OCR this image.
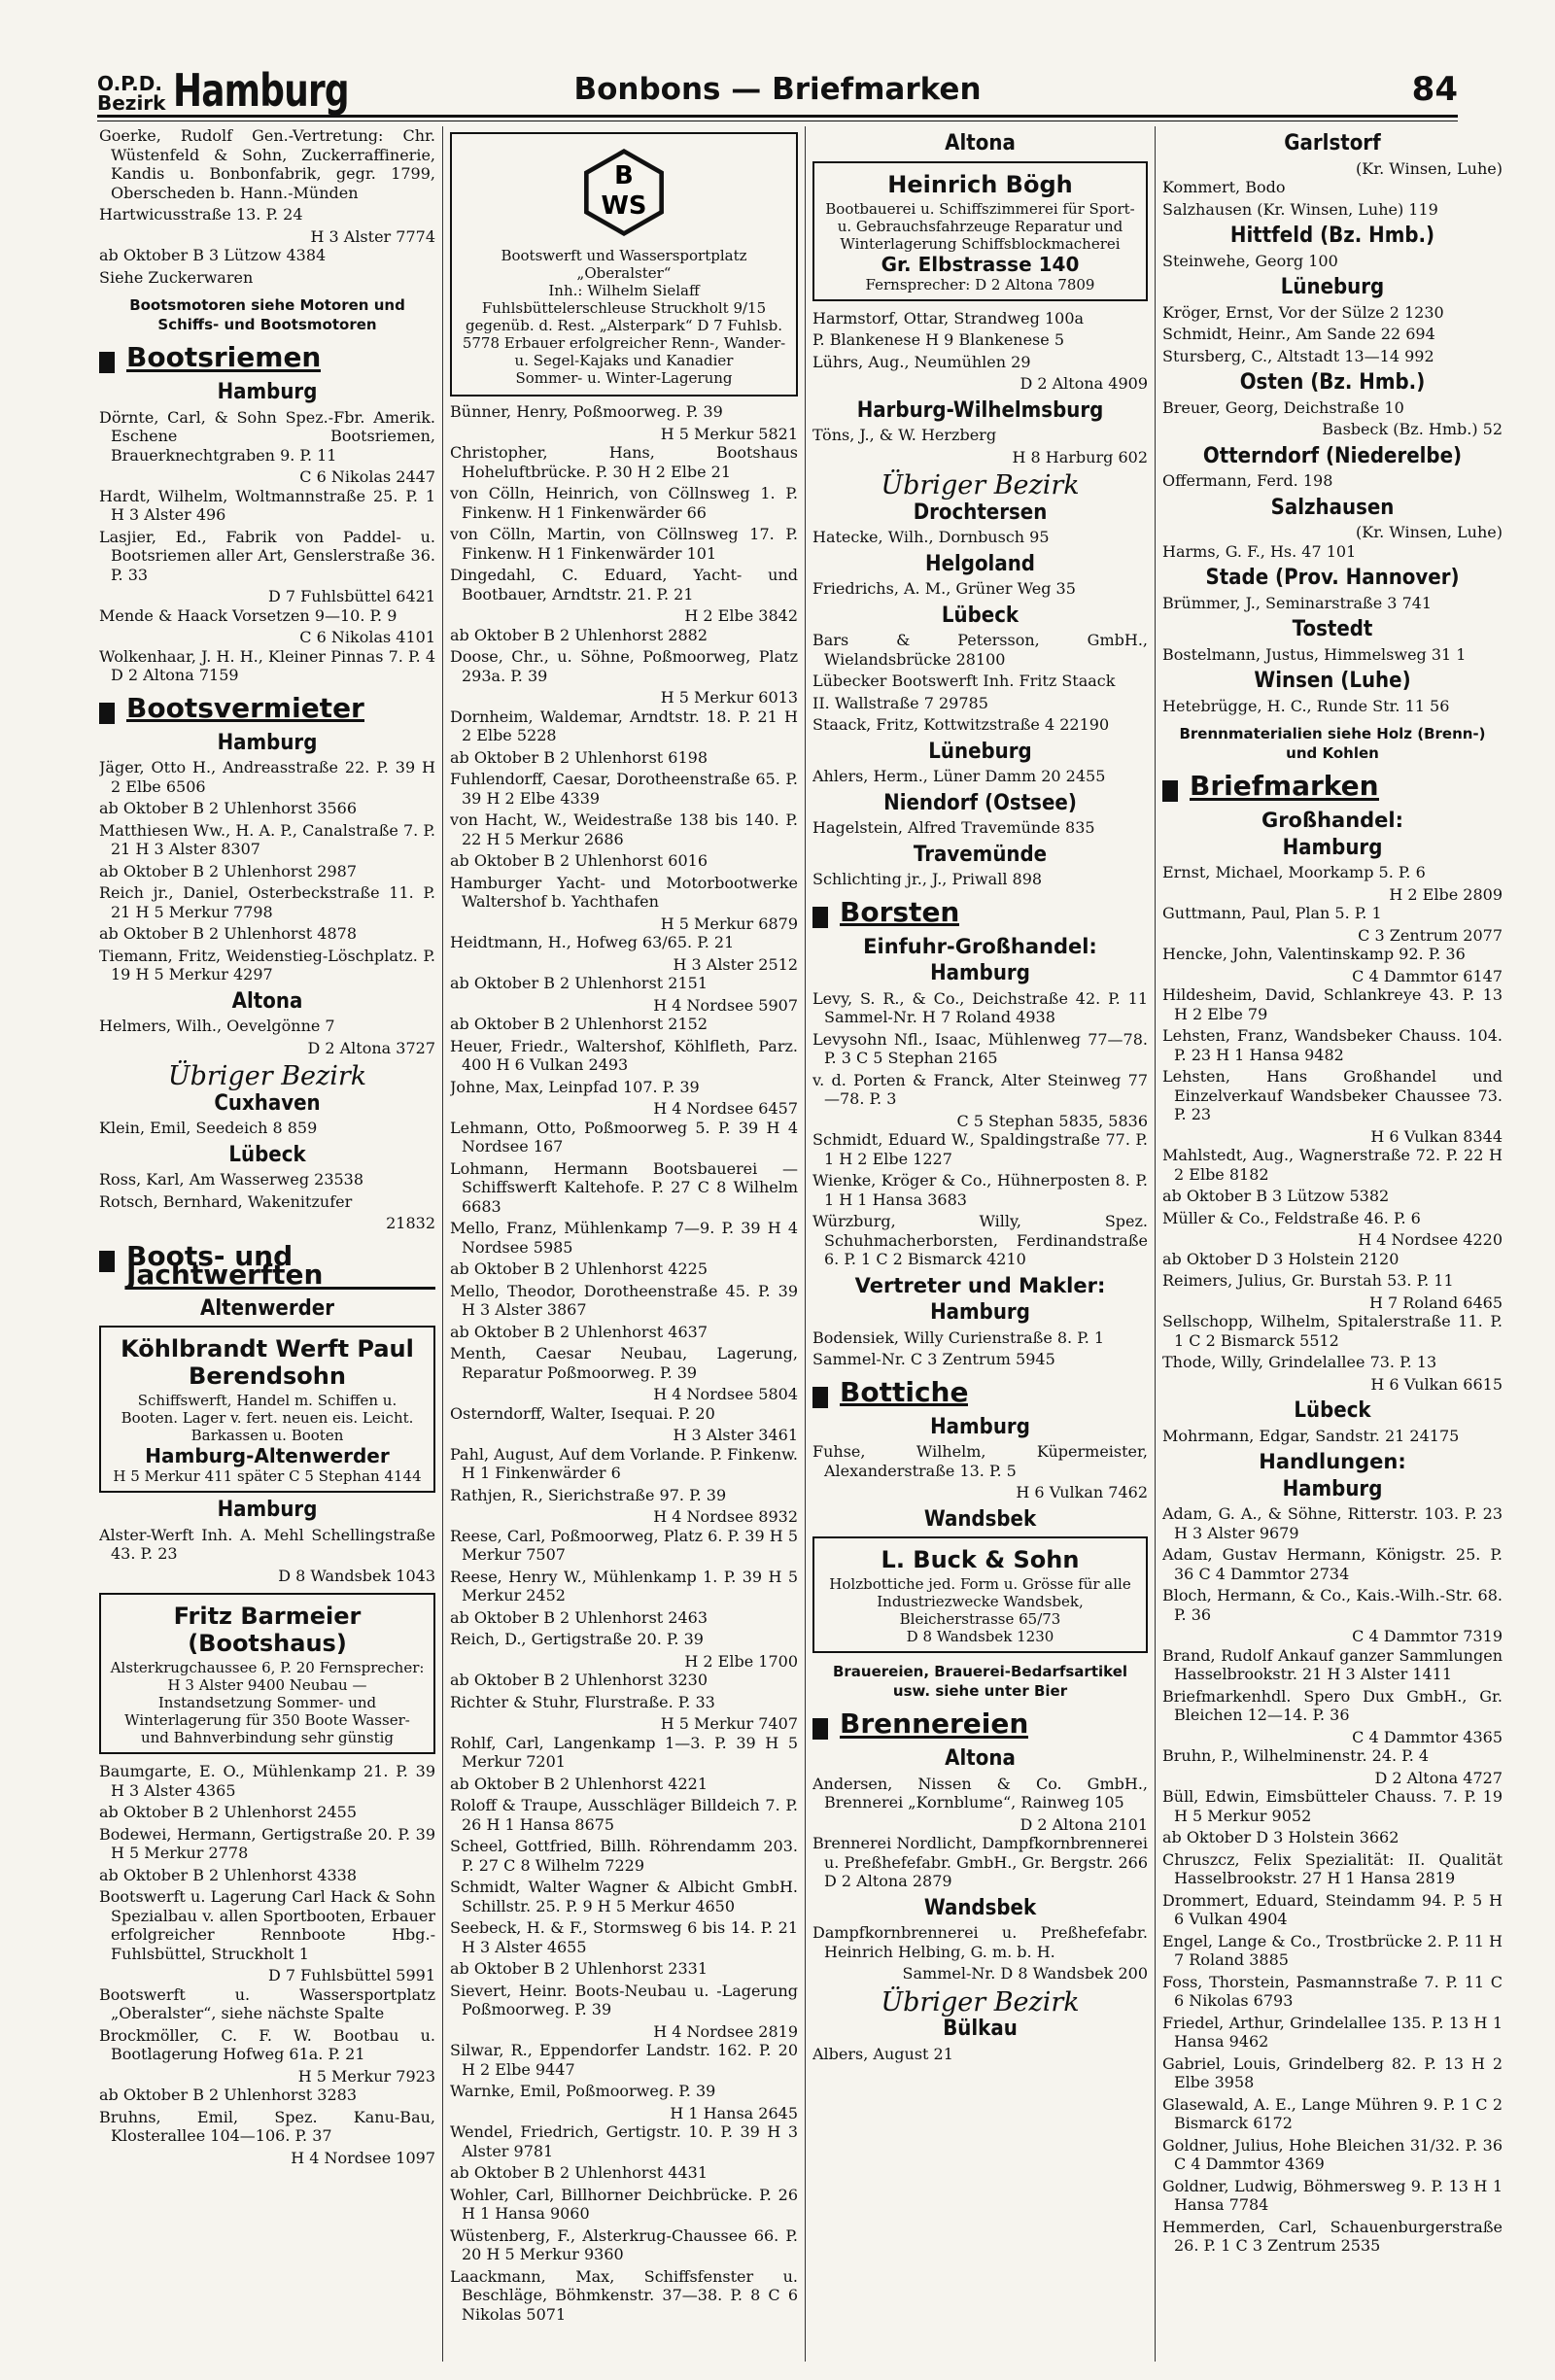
O.P.D.
Bezirk Hamburg	Bonbons — Briefmarken	84

Goerke, Rudolf Gen.-Vertretung: Chr. Wüstenfeld & Sohn, Zuckerraffinerie, Kandis u. Bonbonfabrik, gegr. 1799, Oberscheden b. Hann.-Münden

Hartwicusstraße 13. P. 24

H 3 Alster 7774

ab Oktober B 3 Lützow 4384

Siehe Zuckerwaren

Bootsmotoren siehe Motoren und Schiffs- und Bootsmotoren
Bootsriemen
Hamburg

Dörnte, Carl, & Sohn Spez.-Fbr. Amerik. Eschene Bootsriemen, Brauerknechtgraben 9. P. 11

C 6 Nikolas 2447

Hardt, Wilhelm, Woltmannstraße 25. P. 1 H 3 Alster 496

Lasjier, Ed., Fabrik von Paddel- u. Bootsriemen aller Art, Genslerstraße 36. P. 33

D 7 Fuhlsbüttel 6421

Mende & Haack Vorsetzen 9—10. P. 9

C 6 Nikolas 4101

Wolkenhaar, J. H. H., Kleiner Pinnas 7. P. 4 D 2 Altona 7159

Bootsvermieter
Hamburg

Jäger, Otto H., Andreasstraße 22. P. 39 H 2 Elbe 6506

ab Oktober B 2 Uhlenhorst 3566

Matthiesen Ww., H. A. P., Canalstraße 7. P. 21 H 3 Alster 8307

ab Oktober B 2 Uhlenhorst 2987

Reich jr., Daniel, Osterbeckstraße 11. P. 21 H 5 Merkur 7798

ab Oktober B 2 Uhlenhorst 4878

Tiemann, Fritz, Weidenstieg-Löschplatz. P. 19 H 5 Merkur 4297

Altona

Helmers, Wilh., Oevelgönne 7

D 2 Altona 3727

Übriger Bezirk
Cuxhaven

Klein, Emil, Seedeich 8 859

Lübeck

Ross, Karl, Am Wasserweg 23538

Rotsch, Bernhard, Wakenitzufer

21832

Boots- und Jachtwerften
Altenwerder
Köhlbrandt Werft Paul Berendsohn
Schiffswerft, Handel m. Schiffen u. Booten. Lager v. fert. neuen eis. Leicht. Barkassen u. Booten
Hamburg-Altenwerder
H 5 Merkur 411 später C 5 Stephan 4144
Hamburg

Alster-Werft Inh. A. Mehl Schellingstraße 43. P. 23

D 8 Wandsbek 1043

Fritz Barmeier (Bootshaus)
Alsterkrugchaussee 6, P. 20 Fernsprecher: H 3 Alster 9400 Neubau — Instandsetzung Sommer- und Winterlagerung für 350 Boote Wasser- und Bahnverbindung sehr günstig

Baumgarte, E. O., Mühlenkamp 21. P. 39 H 3 Alster 4365

ab Oktober B 2 Uhlenhorst 2455

Bodewei, Hermann, Gertigstraße 20. P. 39 H 5 Merkur 2778

ab Oktober B 2 Uhlenhorst 4338

Bootswerft u. Lagerung Carl Hack & Sohn Spezialbau v. allen Sportbooten, Erbauer erfolgreicher Rennboote Hbg.-Fuhlsbüttel, Struckholt 1

D 7 Fuhlsbüttel 5991

Bootswerft u. Wassersportplatz „Oberalster“, siehe nächste Spalte

Brockmöller, C. F. W. Bootbau u. Bootlagerung Hofweg 61a. P. 21

H 5 Merkur 7923

ab Oktober B 2 Uhlenhorst 3283

Bruhns, Emil, Spez. Kanu-Bau, Klosterallee 104—106. P. 37

H 4 Nordsee 1097

B
WS
Bootswerft und Wassersportplatz „Oberalster“
Inh.: Wilhelm Sielaff
Fuhlsbüttelerschleuse Struckholt 9/15 gegenüb. d. Rest. „Alsterpark“ D 7 Fuhlsb. 5778 Erbauer erfolgreicher Renn-, Wander- u. Segel-Kajaks und Kanadier
Sommer- u. Winter-Lagerung

Bünner, Henry, Poßmoorweg. P. 39

H 5 Merkur 5821

Christopher, Hans, Bootshaus Hoheluftbrücke. P. 30 H 2 Elbe 21

von Cölln, Heinrich, von Cöllnsweg 1. P. Finkenw. H 1 Finkenwärder 66

von Cölln, Martin, von Cöllnsweg 17. P. Finkenw. H 1 Finkenwärder 101

Dingedahl, C. Eduard, Yacht- und Bootbauer, Arndtstr. 21. P. 21

H 2 Elbe 3842

ab Oktober B 2 Uhlenhorst 2882

Doose, Chr., u. Söhne, Poßmoorweg, Platz 293a. P. 39

H 5 Merkur 6013

Dornheim, Waldemar, Arndtstr. 18. P. 21 H 2 Elbe 5228

ab Oktober B 2 Uhlenhorst 6198

Fuhlendorff, Caesar, Dorotheenstraße 65. P. 39 H 2 Elbe 4339

von Hacht, W., Weidestraße 138 bis 140. P. 22 H 5 Merkur 2686

ab Oktober B 2 Uhlenhorst 6016

Hamburger Yacht- und Motorbootwerke Waltershof b. Yachthafen

H 5 Merkur 6879

Heidtmann, H., Hofweg 63/65. P. 21

H 3 Alster 2512

ab Oktober B 2 Uhlenhorst 2151

H 4 Nordsee 5907

ab Oktober B 2 Uhlenhorst 2152

Heuer, Friedr., Waltershof, Köhlfleth, Parz. 400 H 6 Vulkan 2493

Johne, Max, Leinpfad 107. P. 39

H 4 Nordsee 6457

Lehmann, Otto, Poßmoorweg 5. P. 39 H 4 Nordsee 167

Lohmann, Hermann Bootsbauerei — Schiffswerft Kaltehofe. P. 27 C 8 Wilhelm 6683

Mello, Franz, Mühlenkamp 7—9. P. 39 H 4 Nordsee 5985

ab Oktober B 2 Uhlenhorst 4225

Mello, Theodor, Dorotheenstraße 45. P. 39 H 3 Alster 3867

ab Oktober B 2 Uhlenhorst 4637

Menth, Caesar Neubau, Lagerung, Reparatur Poßmoorweg. P. 39

H 4 Nordsee 5804

Osterndorff, Walter, Isequai. P. 20

H 3 Alster 3461

Pahl, August, Auf dem Vorlande. P. Finkenw. H 1 Finkenwärder 6

Rathjen, R., Sierichstraße 97. P. 39

H 4 Nordsee 8932

Reese, Carl, Poßmoorweg, Platz 6. P. 39 H 5 Merkur 7507

Reese, Henry W., Mühlenkamp 1. P. 39 H 5 Merkur 2452

ab Oktober B 2 Uhlenhorst 2463

Reich, D., Gertigstraße 20. P. 39

H 2 Elbe 1700

ab Oktober B 2 Uhlenhorst 3230

Richter & Stuhr, Flurstraße. P. 33

H 5 Merkur 7407

Rohlf, Carl, Langenkamp 1—3. P. 39 H 5 Merkur 7201

ab Oktober B 2 Uhlenhorst 4221

Roloff & Traupe, Ausschläger Billdeich 7. P. 26 H 1 Hansa 8675

Scheel, Gottfried, Billh. Röhrendamm 203. P. 27 C 8 Wilhelm 7229

Schmidt, Walter Wagner & Albicht GmbH. Schillstr. 25. P. 9 H 5 Merkur 4650

Seebeck, H. & F., Stormsweg 6 bis 14. P. 21 H 3 Alster 4655

ab Oktober B 2 Uhlenhorst 2331

Sievert, Heinr. Boots-Neubau u. -Lagerung Poßmoorweg. P. 39

H 4 Nordsee 2819

Silwar, R., Eppendorfer Landstr. 162. P. 20 H 2 Elbe 9447

Warnke, Emil, Poßmoorweg. P. 39

H 1 Hansa 2645

Wendel, Friedrich, Gertigstr. 10. P. 39 H 3 Alster 9781

ab Oktober B 2 Uhlenhorst 4431

Wohler, Carl, Billhorner Deichbrücke. P. 26 H 1 Hansa 9060

Wüstenberg, F., Alsterkrug-Chaussee 66. P. 20 H 5 Merkur 9360

Laackmann, Max, Schiffsfenster u. Beschläge, Böhmkenstr. 37—38. P. 8 C 6 Nikolas 5071

Altona
Heinrich Bögh
Bootbauerei u. Schiffszimmerei für Sport- u. Gebrauchsfahrzeuge Reparatur und Winterlagerung Schiffsblockmacherei
Gr. Elbstrasse 140
Fernsprecher: D 2 Altona 7809

Harmstorf, Ottar, Strandweg 100a

P. Blankenese H 9 Blankenese 5

Lührs, Aug., Neumühlen 29

D 2 Altona 4909

Harburg-Wilhelmsburg

Töns, J., & W. Herzberg

H 8 Harburg 602

Übriger Bezirk
Drochtersen

Hatecke, Wilh., Dornbusch 95

Helgoland

Friedrichs, A. M., Grüner Weg 35

Lübeck

Bars & Petersson, GmbH., Wielandsbrücke 28100

Lübecker Bootswerft Inh. Fritz Staack

II. Wallstraße 7 29785

Staack, Fritz, Kottwitzstraße 4 22190

Lüneburg

Ahlers, Herm., Lüner Damm 20 2455

Niendorf (Ostsee)

Hagelstein, Alfred Travemünde 835

Travemünde

Schlichting jr., J., Priwall 898

Borsten
Einfuhr-Großhandel:
Hamburg

Levy, S. R., & Co., Deichstraße 42. P. 11 Sammel-Nr. H 7 Roland 4938

Levysohn Nfl., Isaac, Mühlenweg 77—78. P. 3 C 5 Stephan 2165

v. d. Porten & Franck, Alter Steinweg 77—78. P. 3

C 5 Stephan 5835, 5836

Schmidt, Eduard W., Spaldingstraße 77. P. 1 H 2 Elbe 1227

Wienke, Kröger & Co., Hühnerposten 8. P. 1 H 1 Hansa 3683

Würzburg, Willy, Spez. Schuhmacherborsten, Ferdinandstraße 6. P. 1 C 2 Bismarck 4210

Vertreter und Makler:
Hamburg

Bodensiek, Willy Curienstraße 8. P. 1

Sammel-Nr. C 3 Zentrum 5945

Bottiche
Hamburg

Fuhse, Wilhelm, Küpermeister, Alexanderstraße 13. P. 5

H 6 Vulkan 7462

Wandsbek
L. Buck & Sohn
Holzbottiche jed. Form u. Grösse für alle Industriezwecke Wandsbek, Bleicherstrasse 65/73
D 8 Wandsbek 1230
Brauereien, Brauerei-Bedarfsartikel usw. siehe unter Bier
Brennereien
Altona

Andersen, Nissen & Co. GmbH., Brennerei „Kornblume“, Rainweg 105

D 2 Altona 2101

Brennerei Nordlicht, Dampfkornbrennerei u. Preßhefefabr. GmbH., Gr. Bergstr. 266 D 2 Altona 2879

Wandsbek

Dampfkornbrennerei u. Preßhefefabr. Heinrich Helbing, G. m. b. H.

Sammel-Nr. D 8 Wandsbek 200

Übriger Bezirk
Bülkau

Albers, August 21

Garlstorf

(Kr. Winsen, Luhe)

Kommert, Bodo

Salzhausen (Kr. Winsen, Luhe) 119

Hittfeld (Bz. Hmb.)

Steinwehe, Georg 100

Lüneburg

Kröger, Ernst, Vor der Sülze 2 1230

Schmidt, Heinr., Am Sande 22 694

Stursberg, C., Altstadt 13—14 992

Osten (Bz. Hmb.)

Breuer, Georg, Deichstraße 10

Basbeck (Bz. Hmb.) 52

Otterndorf (Niederelbe)

Offermann, Ferd. 198

Salzhausen

(Kr. Winsen, Luhe)

Harms, G. F., Hs. 47 101

Stade (Prov. Hannover)

Brümmer, J., Seminarstraße 3 741

Tostedt

Bostelmann, Justus, Himmelsweg 31 1

Winsen (Luhe)

Hetebrügge, H. C., Runde Str. 11 56

Brennmaterialien siehe Holz (Brenn-) und Kohlen
Briefmarken
Großhandel:
Hamburg

Ernst, Michael, Moorkamp 5. P. 6

H 2 Elbe 2809

Guttmann, Paul, Plan 5. P. 1

C 3 Zentrum 2077

Hencke, John, Valentinskamp 92. P. 36

C 4 Dammtor 6147

Hildesheim, David, Schlankreye 43. P. 13 H 2 Elbe 79

Lehsten, Franz, Wandsbeker Chauss. 104. P. 23 H 1 Hansa 9482

Lehsten, Hans Großhandel und Einzelverkauf Wandsbeker Chaussee 73. P. 23

H 6 Vulkan 8344

Mahlstedt, Aug., Wagnerstraße 72. P. 22 H 2 Elbe 8182

ab Oktober B 3 Lützow 5382

Müller & Co., Feldstraße 46. P. 6

H 4 Nordsee 4220

ab Oktober D 3 Holstein 2120

Reimers, Julius, Gr. Burstah 53. P. 11

H 7 Roland 6465

Sellschopp, Wilhelm, Spitalerstraße 11. P. 1 C 2 Bismarck 5512

Thode, Willy, Grindelallee 73. P. 13

H 6 Vulkan 6615

Lübeck

Mohrmann, Edgar, Sandstr. 21 24175

Handlungen:
Hamburg

Adam, G. A., & Söhne, Ritterstr. 103. P. 23 H 3 Alster 9679

Adam, Gustav Hermann, Königstr. 25. P. 36 C 4 Dammtor 2734

Bloch, Hermann, & Co., Kais.-Wilh.-Str. 68. P. 36

C 4 Dammtor 7319

Brand, Rudolf Ankauf ganzer Sammlungen Hasselbrookstr. 21 H 3 Alster 1411

Briefmarkenhdl. Spero Dux GmbH., Gr. Bleichen 12—14. P. 36

C 4 Dammtor 4365

Bruhn, P., Wilhelminenstr. 24. P. 4

D 2 Altona 4727

Büll, Edwin, Eimsbütteler Chauss. 7. P. 19 H 5 Merkur 9052

ab Oktober D 3 Holstein 3662

Chruszcz, Felix Spezialität: II. Qualität Hasselbrookstr. 27 H 1 Hansa 2819

Drommert, Eduard, Steindamm 94. P. 5 H 6 Vulkan 4904

Engel, Lange & Co., Trostbrücke 2. P. 11 H 7 Roland 3885

Foss, Thorstein, Pasmannstraße 7. P. 11 C 6 Nikolas 6793

Friedel, Arthur, Grindelallee 135. P. 13 H 1 Hansa 9462

Gabriel, Louis, Grindelberg 82. P. 13 H 2 Elbe 3958

Glasewald, A. E., Lange Mühren 9. P. 1 C 2 Bismarck 6172

Goldner, Julius, Hohe Bleichen 31/32. P. 36 C 4 Dammtor 4369

Goldner, Ludwig, Böhmersweg 9. P. 13 H 1 Hansa 7784

Hemmerden, Carl, Schauenburgerstraße 26. P. 1 C 3 Zentrum 2535
